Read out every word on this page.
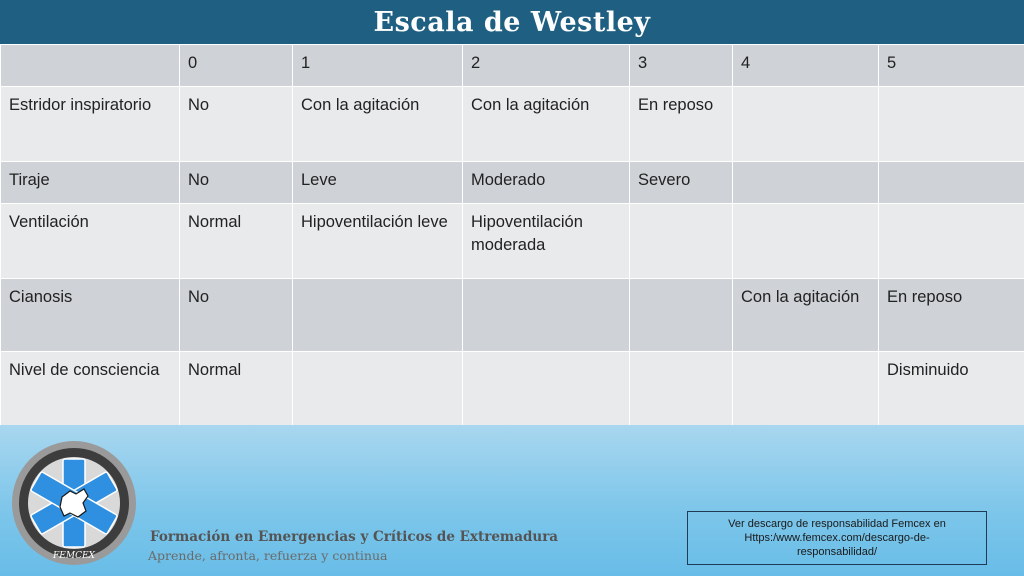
Escala de Westley
	0	1	2	3	4	5
Estridor inspiratorio	No	Con la agitación	Con la agitación	En reposo		
Tiraje	No	Leve	Moderado	Severo		
Ventilación	Normal	Hipoventilación leve	Hipoventilación moderada			
Cianosis	No				Con la agitación	En reposo
Nivel de consciencia	Normal					Disminuido
FEMCEX
Formación en Emergencias y Críticos de Extremadura
Aprende, afronta, refuerza y continua
Ver descargo de responsabilidad Femcex en
Https:/www.femcex.com/descargo-de-
responsabilidad/
